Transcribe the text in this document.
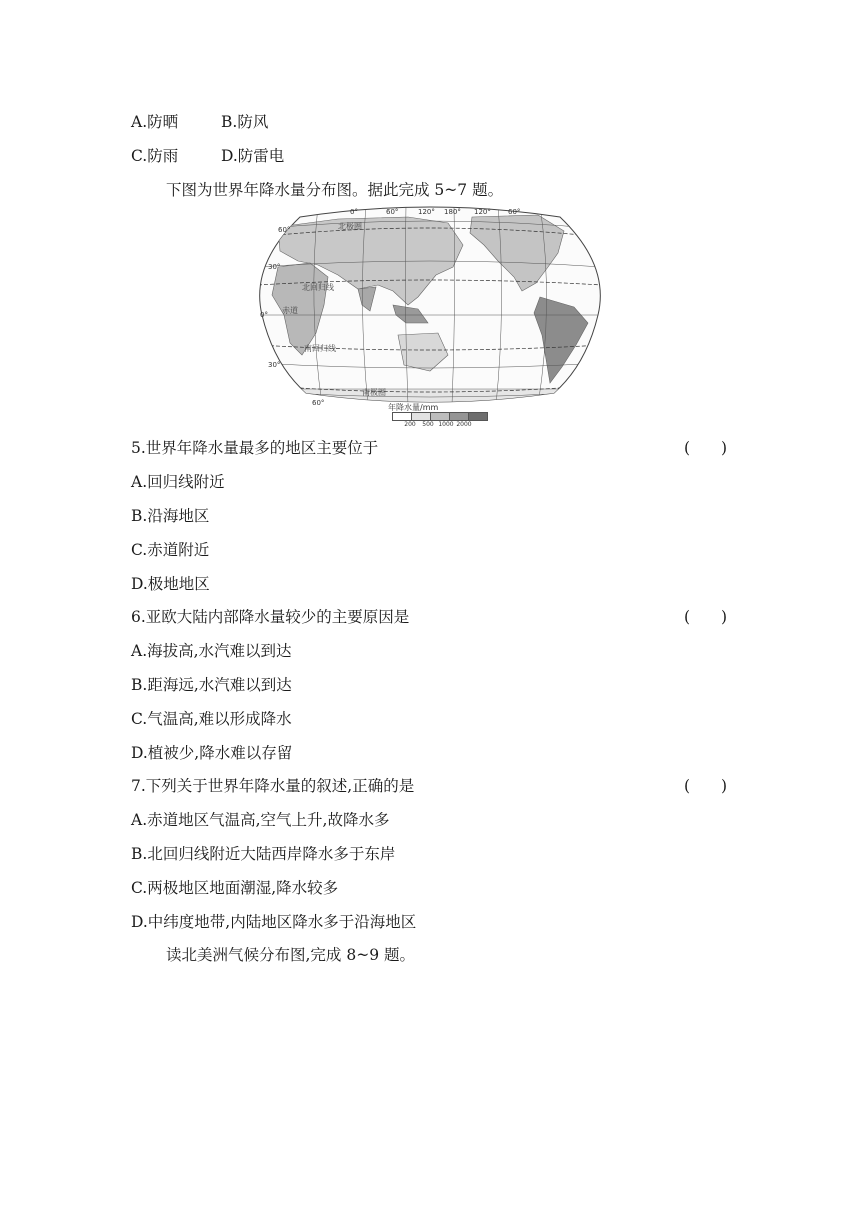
A.防晒	B.防风
C.防雨	D.防雷电
下图为世界年降水量分布图。据此完成 5~7 题。
0°	60°	120° 180° 120° 60°
60°
30°
0°
30°
60°
北极圈
北回归线
赤道
南回归线
南极圈
年降水量/mm
200	500 1000 2000
5.世界年降水量最多的地区主要位于	(　　)
A.回归线附近
B.沿海地区
C.赤道附近
D.极地地区
6.亚欧大陆内部降水量较少的主要原因是	(　　)
A.海拔高,水汽难以到达
B.距海远,水汽难以到达
C.气温高,难以形成降水
D.植被少,降水难以存留
7.下列关于世界年降水量的叙述,正确的是	(　　)
A.赤道地区气温高,空气上升,故降水多
B.北回归线附近大陆西岸降水多于东岸
C.两极地区地面潮湿,降水较多
D.中纬度地带,内陆地区降水多于沿海地区
读北美洲气候分布图,完成 8~9 题。
